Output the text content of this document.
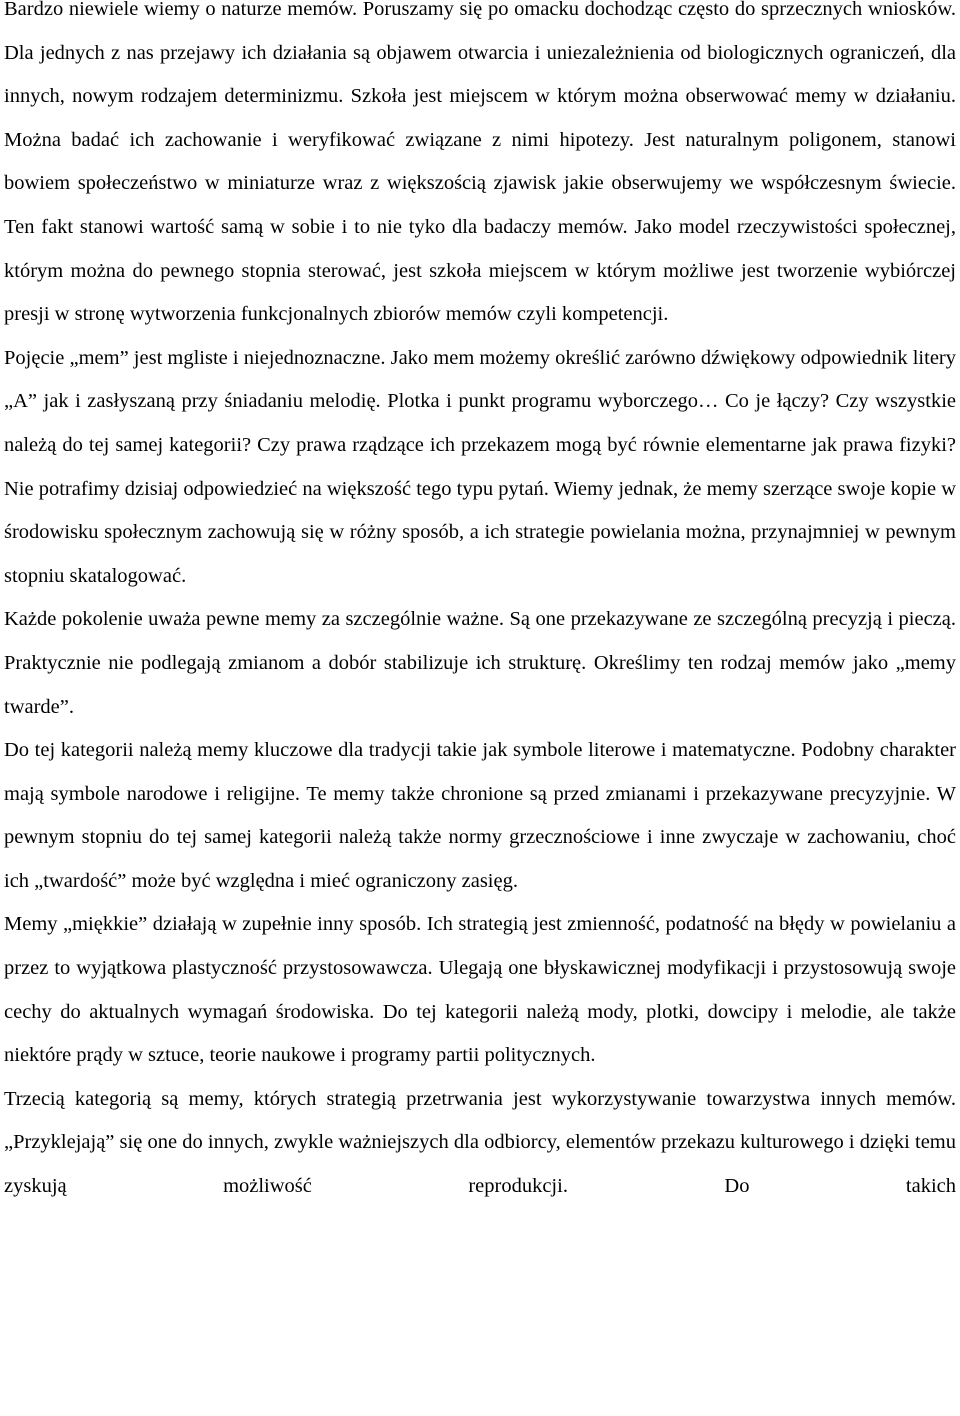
Bardzo niewiele wiemy o naturze memów. Poruszamy się po omacku dochodząc często do sprzecznych wniosków. Dla jednych z nas przejawy ich działania są objawem otwarcia i uniezależnienia od biologicznych ograniczeń, dla innych, nowym rodzajem determinizmu. Szkoła jest miejscem w którym można obserwować memy w działaniu. Można badać ich zachowanie i weryfikować związane z nimi hipotezy. Jest naturalnym poligonem, stanowi bowiem społeczeństwo w miniaturze wraz z większością zjawisk jakie obserwujemy we współczesnym świecie. Ten fakt stanowi wartość samą w sobie i to nie tyko dla badaczy memów. Jako model rzeczywistości społecznej, którym można do pewnego stopnia sterować, jest szkoła miejscem w którym możliwe jest tworzenie wybiórczej presji w stronę wytworzenia funkcjonalnych zbiorów memów czyli kompetencji.

Pojęcie „mem” jest mgliste i niejednoznaczne. Jako mem możemy określić zarówno dźwiękowy odpowiednik litery „A” jak i zasłyszaną przy śniadaniu melodię. Plotka i punkt programu wyborczego… Co je łączy? Czy wszystkie należą do tej samej kategorii? Czy prawa rządzące ich przekazem mogą być równie elementarne jak prawa fizyki? Nie potrafimy dzisiaj odpowiedzieć na większość tego typu pytań. Wiemy jednak, że memy szerzące swoje kopie w środowisku społecznym zachowują się w różny sposób, a ich strategie powielania można, przynajmniej w pewnym stopniu skatalogować.

Każde pokolenie uważa pewne memy za szczególnie ważne. Są one przekazywane ze szczególną precyzją i pieczą. Praktycznie nie podlegają zmianom a dobór stabilizuje ich strukturę. Określimy ten rodzaj memów jako „memy twarde”.

Do tej kategorii należą memy kluczowe dla tradycji takie jak symbole literowe i matematyczne. Podobny charakter mają symbole narodowe i religijne. Te memy także chronione są przed zmianami i przekazywane precyzyjnie. W pewnym stopniu do tej samej kategorii należą także normy grzecznościowe i inne zwyczaje w zachowaniu, choć ich „twardość” może być względna i mieć ograniczony zasięg.

Memy „miękkie” działają w zupełnie inny sposób. Ich strategią jest zmienność, podatność na błędy w powielaniu a przez to wyjątkowa plastyczność przystosowawcza. Ulegają one błyskawicznej modyfikacji i przystosowują swoje cechy do aktualnych wymagań środowiska. Do tej kategorii należą mody, plotki, dowcipy i melodie, ale także niektóre prądy w sztuce, teorie naukowe i programy partii politycznych.

Trzecią kategorią są memy, których strategią przetrwania jest wykorzystywanie towarzystwa innych memów. „Przyklejają” się one do innych, zwykle ważniejszych dla odbiorcy, elementów przekazu kulturowego i dzięki temu zyskują możliwość reprodukcji. Do takich
